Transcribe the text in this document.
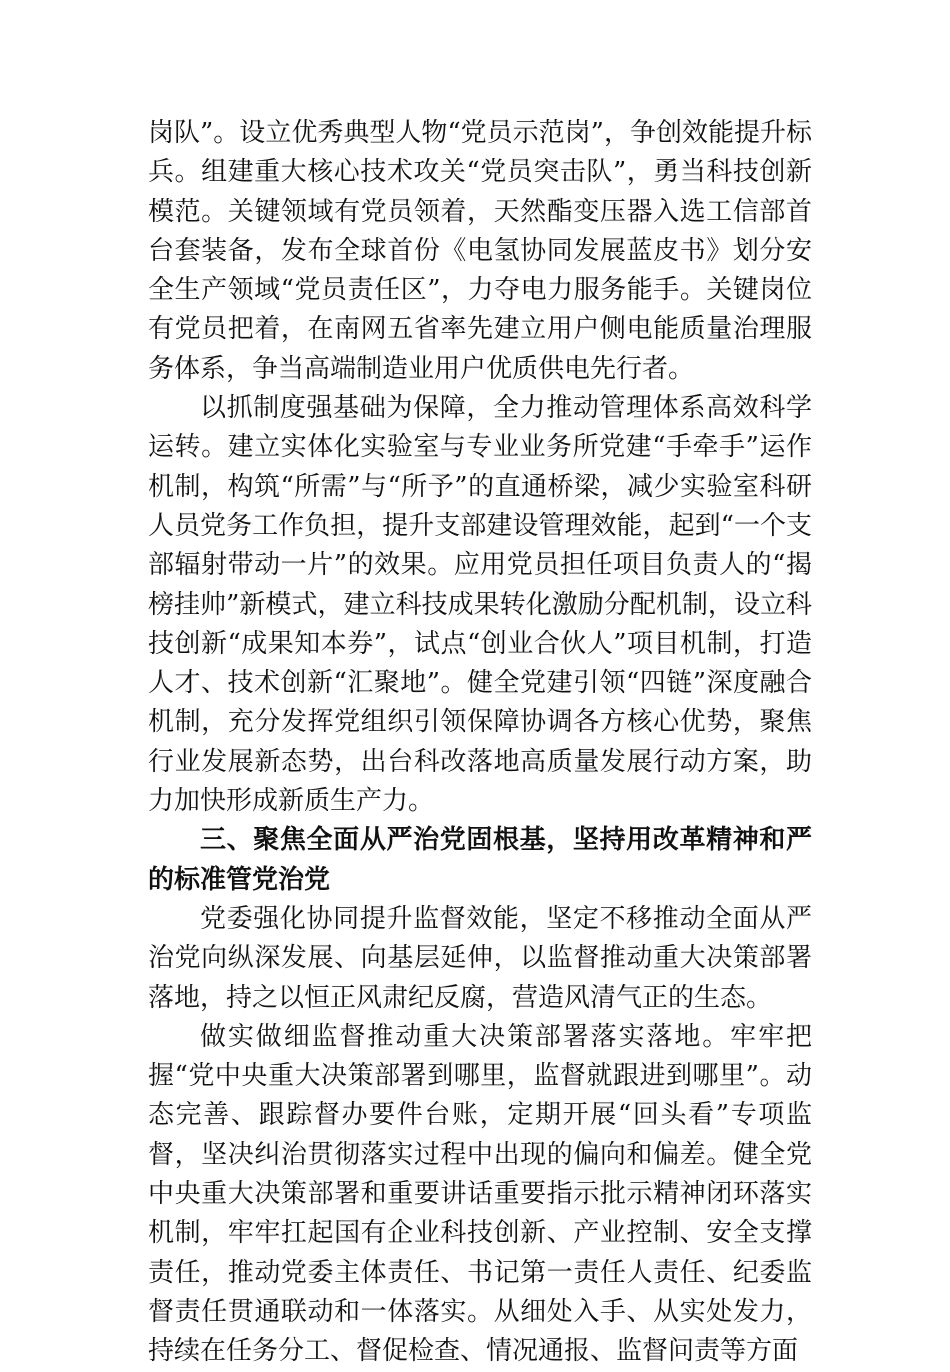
岗队”。设立优秀典型人物“党员示范岗”，争创效能提升标兵。组建重大核心技术攻关“党员突击队”，勇当科技创新模范。关键领域有党员领着，天然酯变压器入选工信部首台套装备，发布全球首份《电氢协同发展蓝皮书》划分安全生产领域“党员责任区”，力夺电力服务能手。关键岗位有党员把着，在南网五省率先建立用户侧电能质量治理服务体系，争当高端制造业用户优质供电先行者。

以抓制度强基础为保障，全力推动管理体系高效科学运转。建立实体化实验室与专业业务所党建“手牵手”运作机制，构筑“所需”与“所予”的直通桥梁，减少实验室科研人员党务工作负担，提升支部建设管理效能，起到“一个支部辐射带动一片”的效果。应用党员担任项目负责人的“揭榜挂帅”新模式，建立科技成果转化激励分配机制，设立科技创新“成果知本券”，试点“创业合伙人”项目机制，打造人才、技术创新“汇聚地”。健全党建引领“四链”深度融合机制，充分发挥党组织引领保障协调各方核心优势，聚焦行业发展新态势，出台科改落地高质量发展行动方案，助力加快形成新质生产力。

三、聚焦全面从严治党固根基，坚持用改革精神和严的标准管党治党

党委强化协同提升监督效能，坚定不移推动全面从严治党向纵深发展、向基层延伸，以监督推动重大决策部署落地，持之以恒正风肃纪反腐，营造风清气正的生态。

做实做细监督推动重大决策部署落实落地。牢牢把握“党中央重大决策部署到哪里，监督就跟进到哪里”。动态完善、跟踪督办要件台账，定期开展“回头看”专项监督，坚决纠治贯彻落实过程中出现的偏向和偏差。健全党中央重大决策部署和重要讲话重要指示批示精神闭环落实机制，牢牢扛起国有企业科技创新、产业控制、安全支撑责任，推动党委主体责任、书记第一责任人责任、纪委监督责任贯通联动和一体落实。从细处入手、从实处发力，持续在任务分工、督促检查、情况通报、监督问责等方面
